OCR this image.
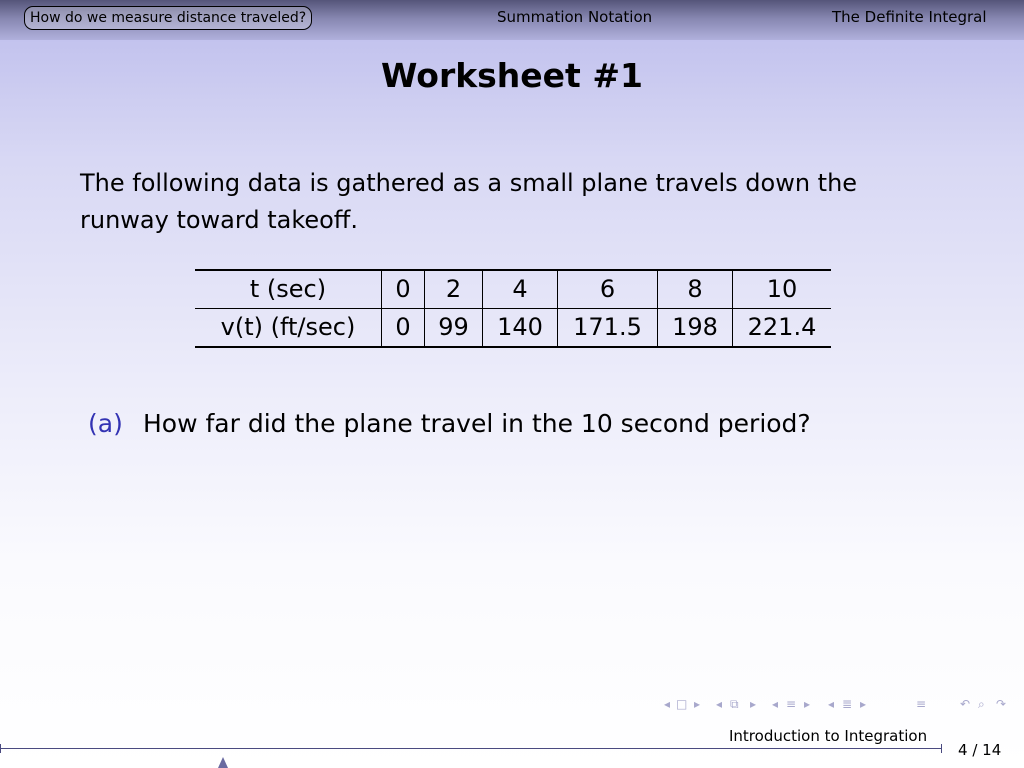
How do we measure distance traveled?	Summation Notation	The Definite Integral
Worksheet #1

The following data is gathered as a small plane travels down the runway toward takeoff.

t (sec)	0	2	4	6	8	10
v(t) (ft/sec)	0	99	140	171.5	198	221.4
(a) How far did the plane travel in the 10 second period?
◂ □ ▸ ◂ ⧉ ▸ ◂ ≡ ▸ ◂ ≣ ▸	≡	↶ ⌕ ↷
Introduction to Integration
4 / 14
